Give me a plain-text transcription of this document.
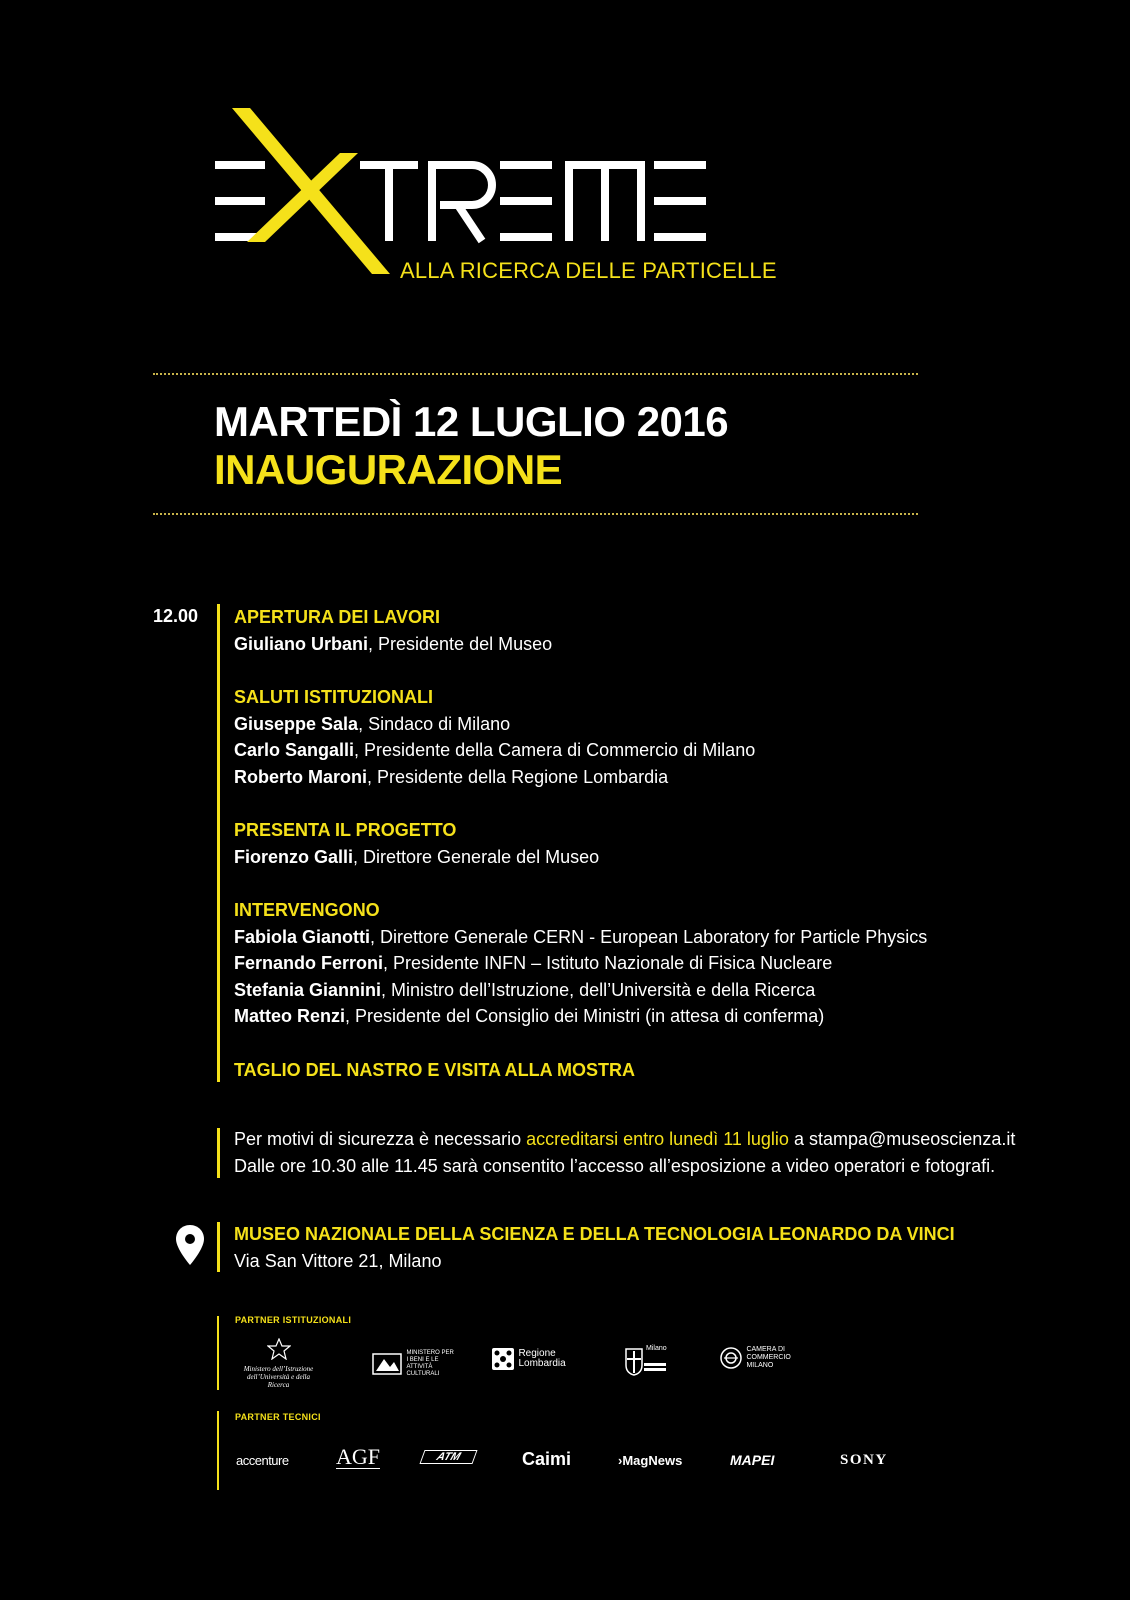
ALLA RICERCA DELLE PARTICELLE
MARTEDÌ 12 LUGLIO 2016
INAUGURAZIONE
12.00 APERTURA DEI LAVORI
Giuliano Urbani, Presidente del Museo
SALUTI ISTITUZIONALI
Giuseppe Sala, Sindaco di Milano
Carlo Sangalli, Presidente della Camera di Commercio di Milano
Roberto Maroni, Presidente della Regione Lombardia
PRESENTA IL PROGETTO
Fiorenzo Galli, Direttore Generale del Museo
INTERVENGONO
Fabiola Gianotti, Direttore Generale CERN - European Laboratory for Particle Physics
Fernando Ferroni, Presidente INFN – Istituto Nazionale di Fisica Nucleare
Stefania Giannini, Ministro dell’Istruzione, dell’Università e della Ricerca
Matteo Renzi, Presidente del Consiglio dei Ministri (in attesa di conferma)
TAGLIO DEL NASTRO E VISITA ALLA MOSTRA
Per motivi di sicurezza è necessario accreditarsi entro lunedì 11 luglio a stampa@museoscienza.it
Dalle ore 10.30 alle 11.45 sarà consentito l’accesso all’esposizione a video operatori e fotografi.
MUSEO NAZIONALE DELLA SCIENZA E DELLA TECNOLOGIA LEONARDO DA VINCI
Via San Vittore 21, Milano
PARTNER ISTITUZIONALI
Ministero dell’Istruzione dell’Università e della Ricerca
MINISTERO PER I BENI E LE ATTIVITÀ CULTURALI
Regione Lombardia
Milano	CAMERA DI COMMERCIO MILANO
PARTNER TECNICI
accenture AGF	ATM	Caimi	›MagNews	MAPEI	SONY
